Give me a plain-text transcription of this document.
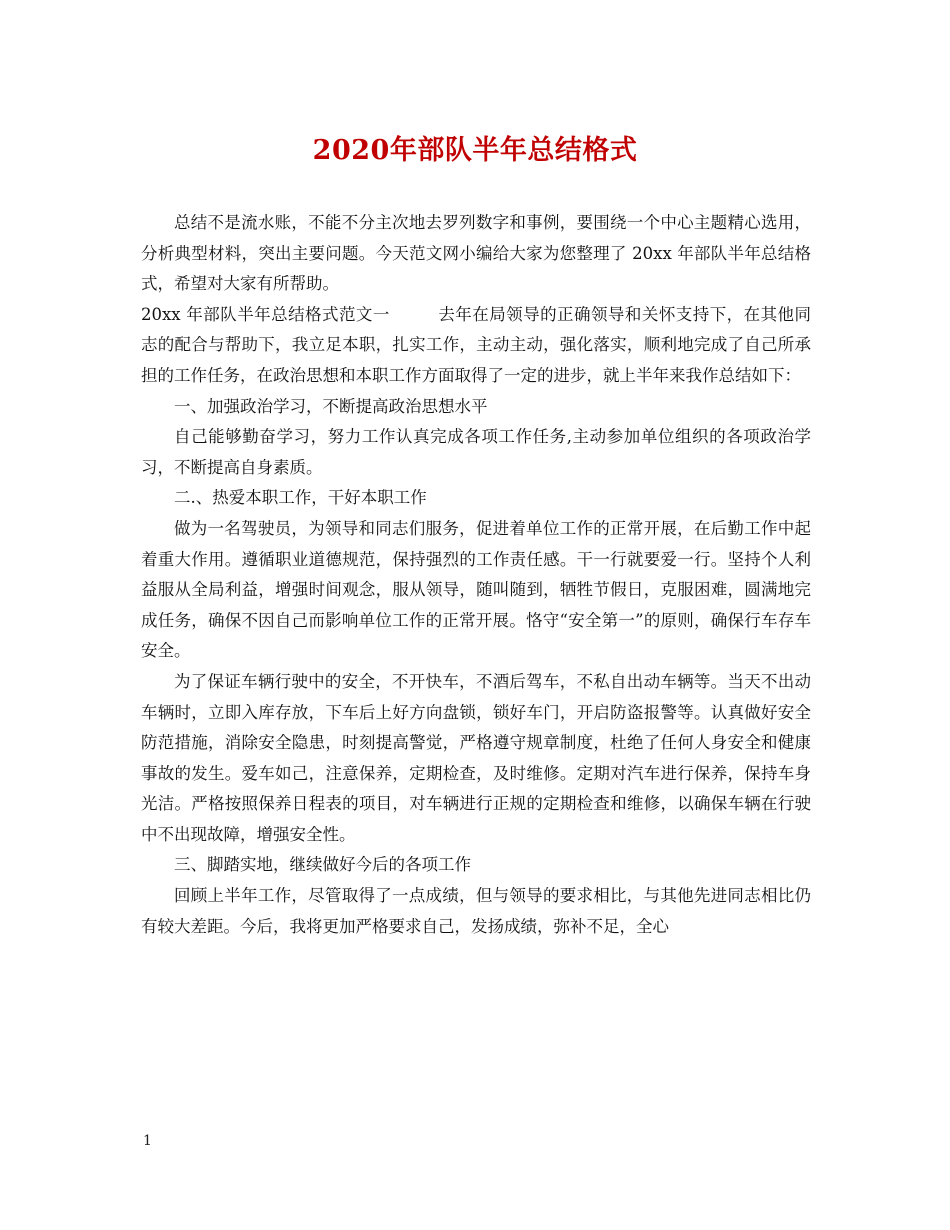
2020年部队半年总结格式

总结不是流水账，不能不分主次地去罗列数字和事例，要围绕一个中心主题精心选用，分析典型材料，突出主要问题。今天范文网小编给大家为您整理了 20xx 年部队半年总结格式，希望对大家有所帮助。

20xx 年部队半年总结格式范文一	去年在局领导的正确领导和关怀支持下，在其他同志的配合与帮助下，我立足本职，扎实工作，主动主动，强化落实，顺利地完成了自己所承担的工作任务，在政治思想和本职工作方面取得了一定的进步，就上半年来我作总结如下：

一、加强政治学习，不断提高政治思想水平

自己能够勤奋学习，努力工作认真完成各项工作任务,主动参加单位组织的各项政治学习，不断提高自身素质。

二.、热爱本职工作，干好本职工作

做为一名驾驶员，为领导和同志们服务，促进着单位工作的正常开展，在后勤工作中起着重大作用。遵循职业道德规范，保持强烈的工作责任感。干一行就要爱一行。坚持个人利益服从全局利益，增强时间观念，服从领导，随叫随到，牺牲节假日，克服困难，圆满地完成任务，确保不因自己而影响单位工作的正常开展。恪守“安全第一”的原则，确保行车存车安全。

为了保证车辆行驶中的安全，不开快车，不酒后驾车，不私自出动车辆等。当天不出动车辆时，立即入库存放，下车后上好方向盘锁，锁好车门，开启防盗报警等。认真做好安全防范措施，消除安全隐患，时刻提高警觉，严格遵守规章制度，杜绝了任何人身安全和健康事故的发生。爱车如己，注意保养，定期检查，及时维修。定期对汽车进行保养，保持车身光洁。严格按照保养日程表的项目，对车辆进行正规的定期检查和维修，以确保车辆在行驶中不出现故障，增强安全性。

三、脚踏实地，继续做好今后的各项工作

回顾上半年工作，尽管取得了一点成绩，但与领导的要求相比，与其他先进同志相比仍有较大差距。今后，我将更加严格要求自己，发扬成绩，弥补不足，全心

1
